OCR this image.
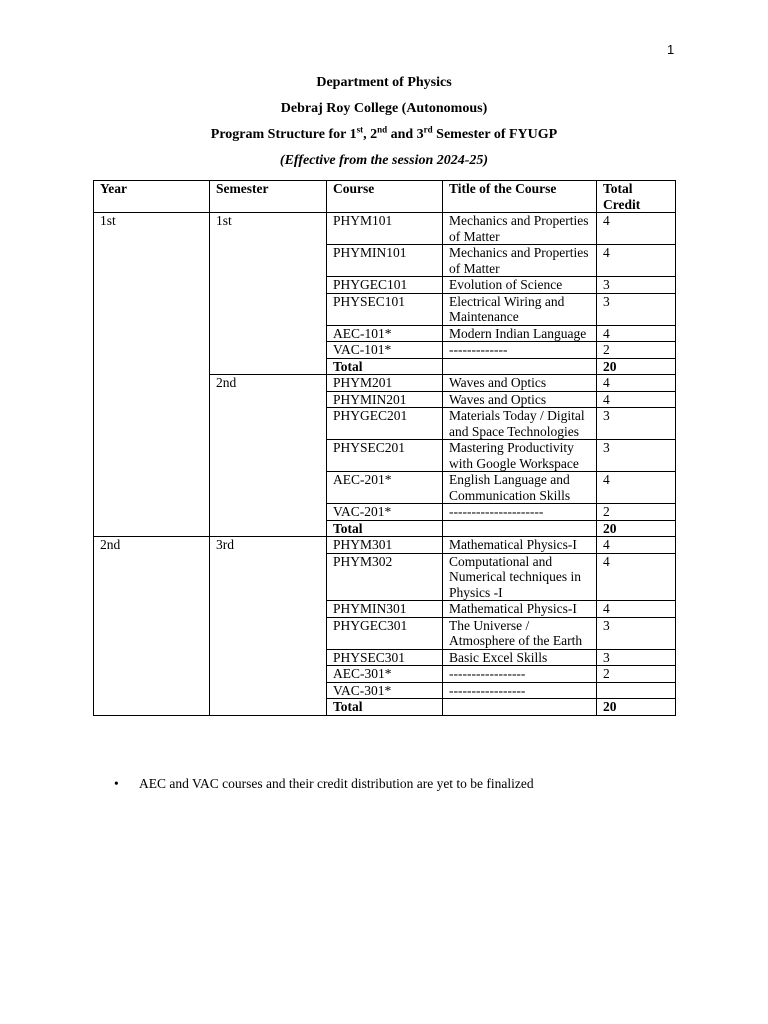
1
Department of Physics
Debraj Roy College (Autonomous)
Program Structure for 1st, 2nd and 3rd Semester of FYUGP
(Effective from the session 2024-25)
Year	Semester	Course	Title of the Course	Total Credit
1st	1st	PHYM101	Mechanics and Properties of Matter	4
		PHYMIN101	Mechanics and Properties of Matter	4
		PHYGEC101	Evolution of Science	3
		PHYSEC101	Electrical Wiring and Maintenance	3
		AEC-101*	Modern Indian Language	4
		VAC-101*	-------------	2
		Total		20
	2nd	PHYM201	Waves and Optics	4
		PHYMIN201	Waves and Optics	4
		PHYGEC201	Materials Today / Digital and Space Technologies	3
		PHYSEC201	Mastering Productivity with Google Workspace	3
		AEC-201*	English Language and Communication Skills	4
		VAC-201*	---------------------	2
		Total		20
2nd	3rd	PHYM301	Mathematical Physics-I	4
		PHYM302	Computational and Numerical techniques in Physics -I	4
		PHYMIN301	Mathematical Physics-I	4
		PHYGEC301	The Universe / Atmosphere of the Earth	3
		PHYSEC301	Basic Excel Skills	3
		AEC-301*	-----------------	2
		VAC-301*	-----------------	
		Total		20
• AEC and VAC courses and their credit distribution are yet to be finalized
